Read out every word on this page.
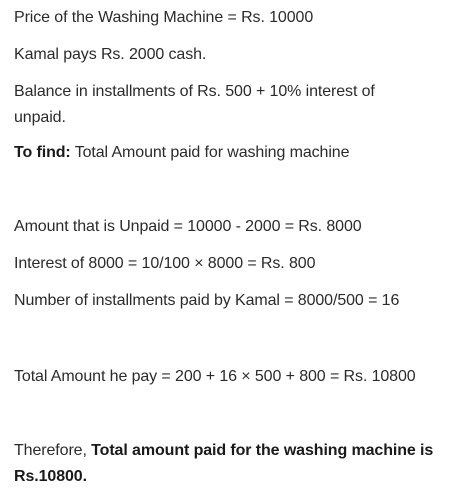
Price of the Washing Machine = Rs. 10000
Kamal pays Rs. 2000 cash.
Balance in installments of Rs. 500 + 10% interest of
unpaid.
To find: Total Amount paid for washing machine
Amount that is Unpaid = 10000 - 2000 = Rs. 8000
Interest of 8000 = 10/100 × 8000 = Rs. 800
Number of installments paid by Kamal = 8000/500 = 16
Total Amount he pay = 200 + 16 × 500 + 800 = Rs. 10800
Therefore, Total amount paid for the washing machine is
Rs.10800.
